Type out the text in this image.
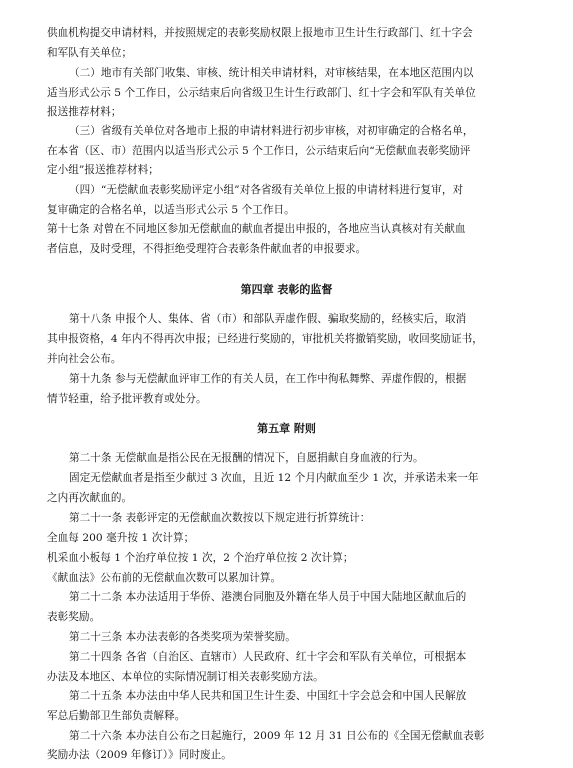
供血机构提交申请材料，并按照规定的表彰奖励权限上报地市卫生计生行政部门、红十字会
和军队有关单位；
（二）地市有关部门收集、审核、统计相关申请材料，对审核结果，在本地区范围内以
适当形式公示 5 个工作日，公示结束后向省级卫生计生行政部门、红十字会和军队有关单位
报送推荐材料；
（三）省级有关单位对各地市上报的申请材料进行初步审核，对初审确定的合格名单，
在本省（区、市）范围内以适当形式公示 5 个工作日，公示结束后向“无偿献血表彰奖励评
定小组”报送推荐材料；
（四）“无偿献血表彰奖励评定小组”对各省级有关单位上报的申请材料进行复审，对
复审确定的合格名单，以适当形式公示 5 个工作日。
第十七条 对曾在不同地区参加无偿献血的献血者提出申报的，各地应当认真核对有关献血
者信息，及时受理，不得拒绝受理符合表彰条件献血者的申报要求。
第四章 表彰的监督
第十八条 申报个人、集体、省（市）和部队弄虚作假、骗取奖励的，经核实后，取消
其申报资格，4 年内不得再次申报；已经进行奖励的，审批机关将撤销奖励，收回奖励证书，
并向社会公布。
第十九条 参与无偿献血评审工作的有关人员，在工作中徇私舞弊、弄虚作假的，根据
情节轻重，给予批评教育或处分。
第五章 附则
第二十条 无偿献血是指公民在无报酬的情况下，自愿捐献自身血液的行为。
固定无偿献血者是指至少献过 3 次血，且近 12 个月内献血至少 1 次，并承诺未来一年
之内再次献血的。
第二十一条 表彰评定的无偿献血次数按以下规定进行折算统计：
全血每 200 毫升按 1 次计算；
机采血小板每 1 个治疗单位按 1 次，2 个治疗单位按 2 次计算；
《献血法》公布前的无偿献血次数可以累加计算。
第二十二条 本办法适用于华侨、港澳台同胞及外籍在华人员于中国大陆地区献血后的
表彰奖励。
第二十三条 本办法表彰的各类奖项为荣誉奖励。
第二十四条 各省（自治区、直辖市）人民政府、红十字会和军队有关单位，可根据本
办法及本地区、本单位的实际情况制订相关表彰奖励方法。
第二十五条 本办法由中华人民共和国卫生计生委、中国红十字会总会和中国人民解放
军总后勤部卫生部负责解释。
第二十六条 本办法自公布之日起施行，2009 年 12 月 31 日公布的《全国无偿献血表彰
奖励办法（2009 年修订）》同时废止。
